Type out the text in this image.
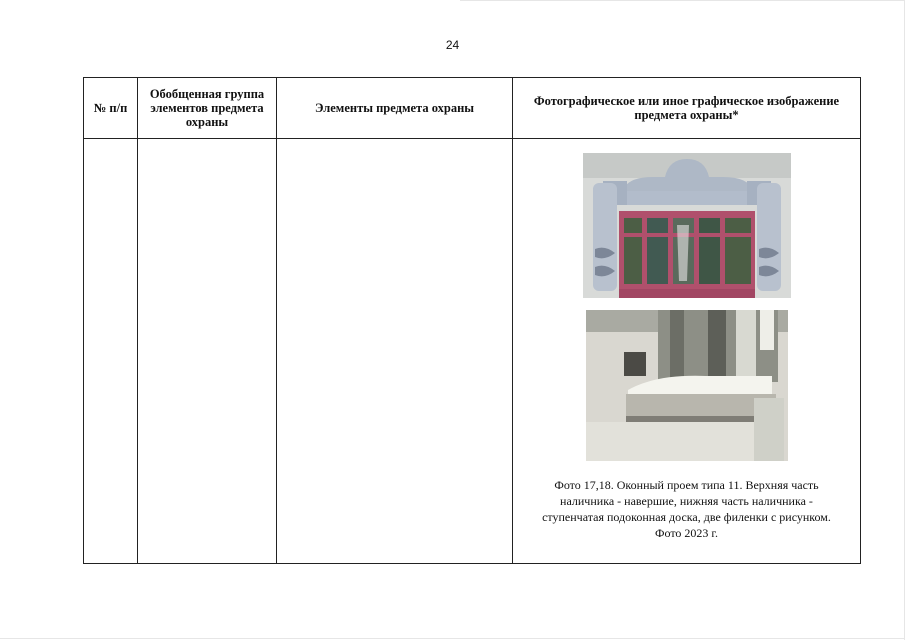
24
№ п/п	Обобщенная группа элементов предмета охраны	Элементы предмета охраны	Фотографическое или иное графическое изображение предмета охраны*

			Фото 17,18. Оконный проем типа 11. Верхняя часть
наличника - навершие, нижняя часть наличника -
ступенчатая подоконная доска, две филенки с рисунком.
Фото 2023 г.
